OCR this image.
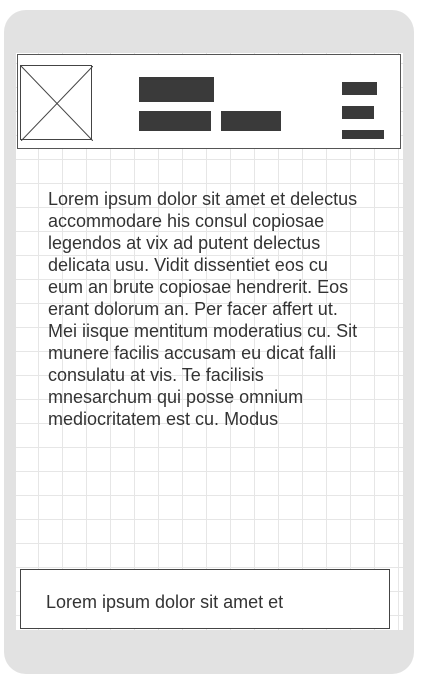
Lorem ipsum dolor sit amet et delectus accommodare his consul copiosae legendos at vix ad putent delectus delicata usu. Vidit dissentiet eos cu eum an brute copiosae hendrerit. Eos erant dolorum an. Per facer affert ut. Mei iisque mentitum moderatius cu. Sit munere facilis accusam eu dicat falli consulatu at vis. Te facilisis mnesarchum qui posse omnium mediocritatem est cu. Modus

Lorem ipsum dolor sit amet et
